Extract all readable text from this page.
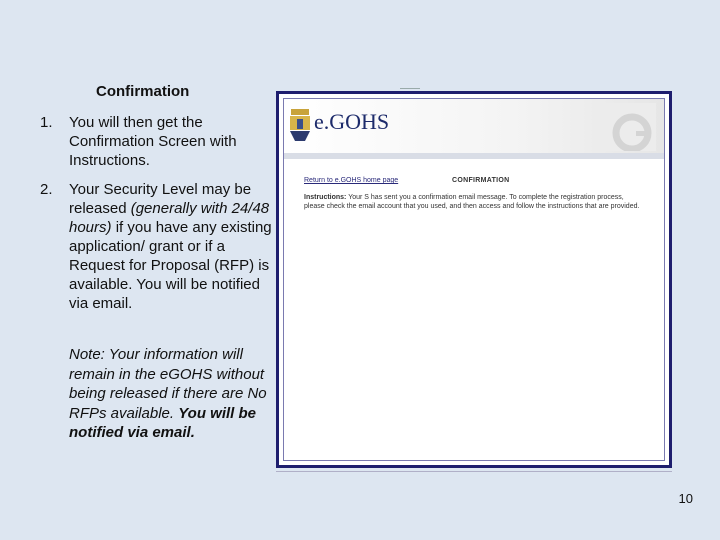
Confirmation
1. You will then get the Confirmation Screen with Instructions.
2. Your Security Level may be released (generally with 24/48 hours) if you have any existing application/ grant or if a Request for Proposal (RFP) is available. You will be notified via email.
Note: Your information will remain in the eGOHS without being released if there are No RFPs available. You will be notified via email.
e.GOHS
Return to e.GOHS home page	CONFIRMATION
Instructions: Your S has sent you a confirmation email message. To complete the registration process, please check the email account that you used, and then access and follow the instructions that are provided.
10
